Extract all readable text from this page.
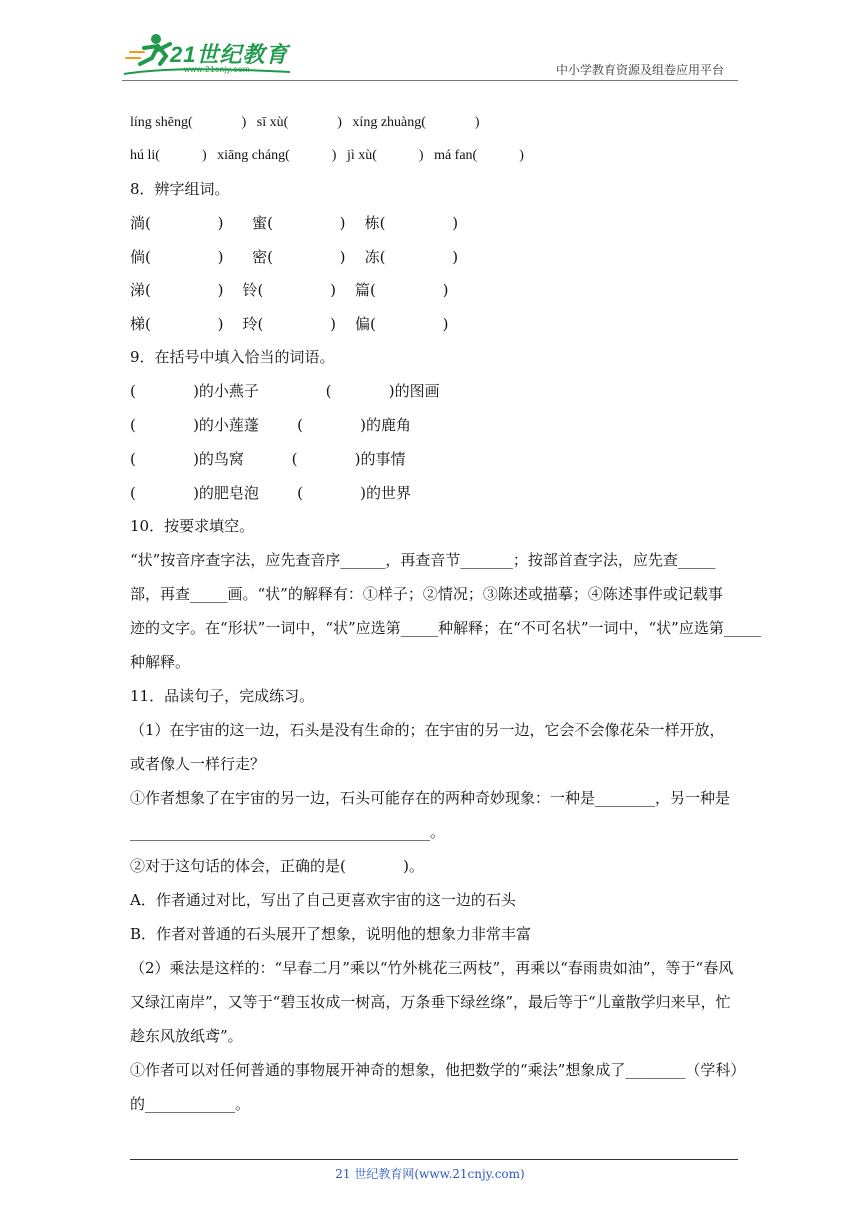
21世纪教育
www.21cnjy.com	中小学教育资源及组卷应用平台
líng shēng(              )   sī xù(              )   xíng zhuàng(              )
hú li(            )   xiāng cháng(            )   jì xù(            )   má fan(            )
8．辨字组词。
淌(              )      蜜(              )    栋(              )
倘(              )      密(              )    冻(              )
涕(              )    铃(              )    篇(              )
梯(              )    玲(              )    偏(              )
9．在括号中填入恰当的词语。
(            )的小燕子              (            )的图画
(            )的小莲蓬        (            )的鹿角
(            )的鸟窝          (            )的事情
(            )的肥皂泡        (            )的世界
10．按要求填空。
“状”按音序查字法，应先查音序______，再查音节_______；按部首查字法，应先查_____
部，再查_____画。“状”的解释有：①样子；②情况；③陈述或描摹；④陈述事件或记载事
迹的文字。在“形状”一词中，“状”应选第_____种解释；在“不可名状”一词中，“状”应选第_____
种解释。
11．品读句子，完成练习。
（1）在宇宙的这一边，石头是没有生命的；在宇宙的另一边，它会不会像花朵一样开放，
或者像人一样行走？
①作者想象了在宇宙的另一边，石头可能存在的两种奇妙现象：一种是________，另一种是
________________________________________。
②对于这句话的体会，正确的是(            )。
A．作者通过对比，写出了自己更喜欢宇宙的这一边的石头
B．作者对普通的石头展开了想象，说明他的想象力非常丰富
（2）乘法是这样的：“早春二月”乘以“竹外桃花三两枝”，再乘以“春雨贵如油”，等于“春风
又绿江南岸”，又等于“碧玉妆成一树高，万条垂下绿丝绦”，最后等于“儿童散学归来早，忙
趁东风放纸鸢”。
①作者可以对任何普通的事物展开神奇的想象，他把数学的“乘法”想象成了________（学科）
的____________。
21 世纪教育网(www.21cnjy.com)
